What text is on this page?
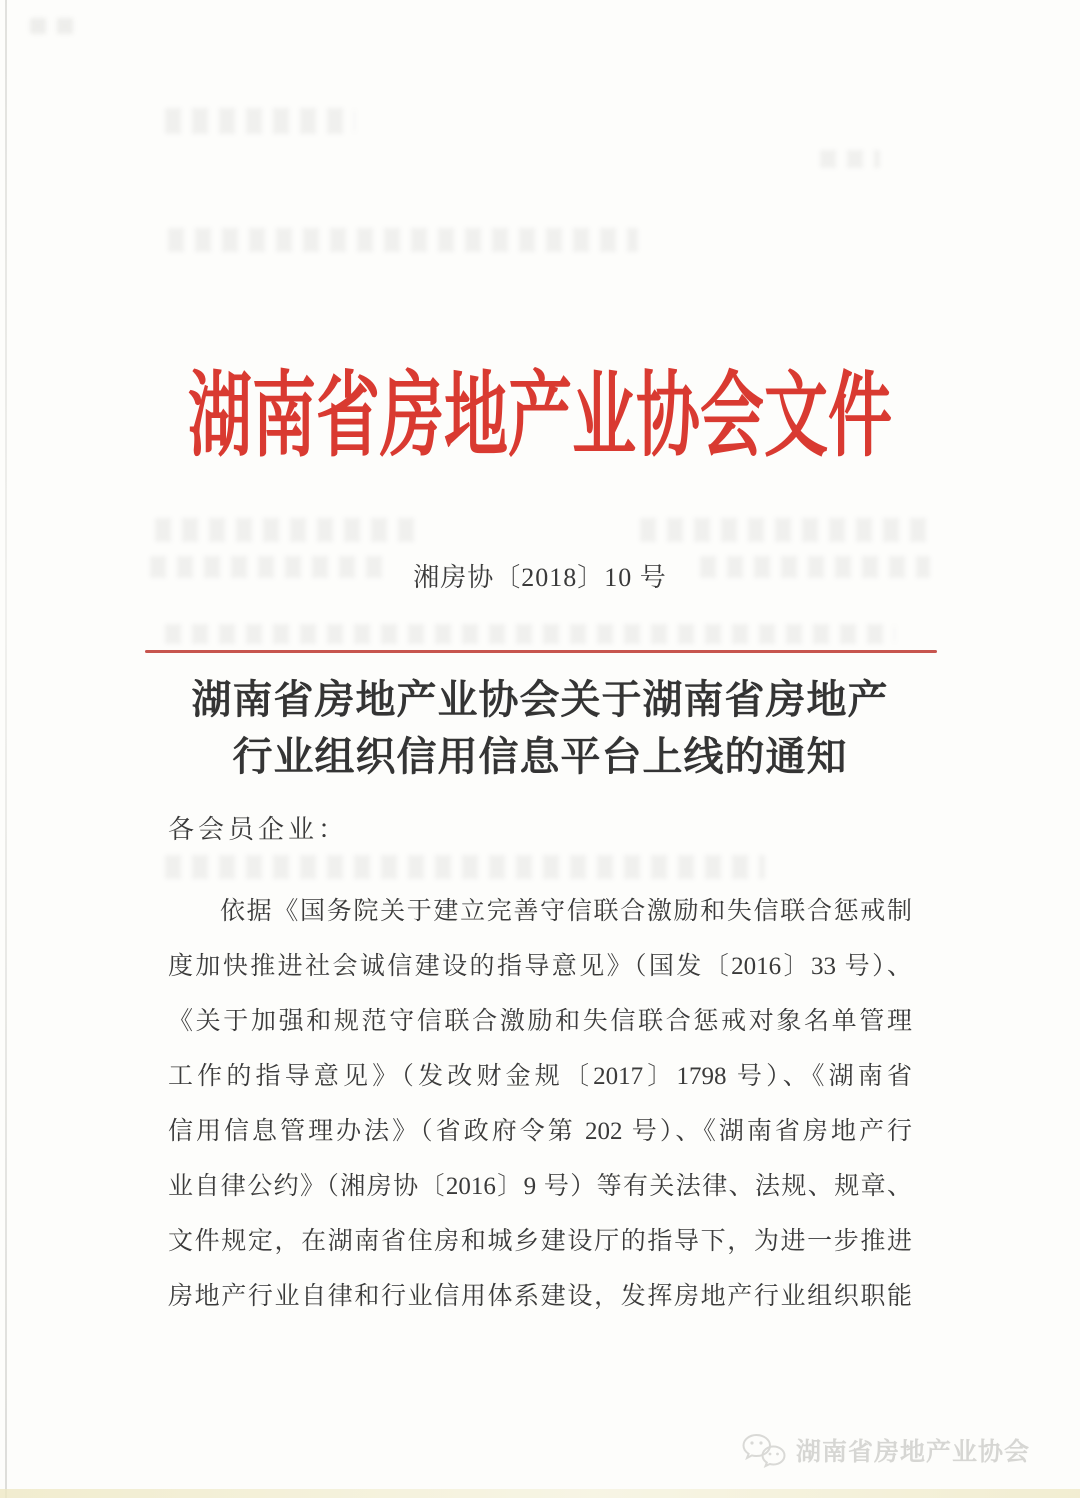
湖南省房地产业协会文件
湘房协〔2018〕10 号
湖南省房地产业协会关于湖南省房地产
行业组织信用信息平台上线的通知
各会员企业：
依据《国务院关于建立完善守信联合激励和失信联合惩戒制
度加快推进社会诚信建设的指导意见》（国发〔2016〕33 号）、
《关于加强和规范守信联合激励和失信联合惩戒对象名单管理
工作的指导意见》（发改财金规〔2017〕1798 号）、《湖南省
信用信息管理办法》（省政府令第 202 号）、《湖南省房地产行
业自律公约》（湘房协〔2016〕9 号）等有关法律、法规、规章、
文件规定，在湖南省住房和城乡建设厅的指导下，为进一步推进
房地产行业自律和行业信用体系建设，发挥房地产行业组织职能
湖南省房地产业协会
